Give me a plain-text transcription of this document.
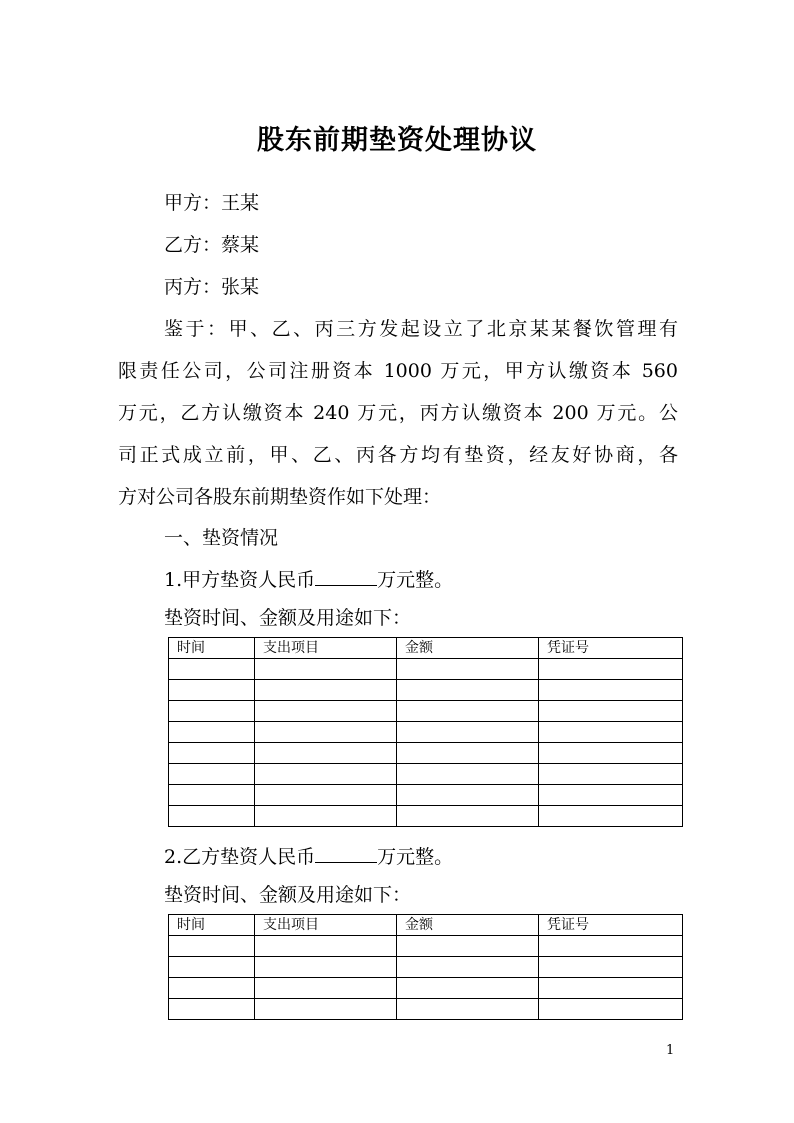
股东前期垫资处理协议
甲方：王某
乙方：蔡某
丙方：张某
鉴于：甲、乙、丙三方发起设立了北京某某餐饮管理有
限责任公司，公司注册资本 1000 万元，甲方认缴资本 560
万元，乙方认缴资本 240 万元，丙方认缴资本 200 万元。公
司正式成立前，甲、乙、丙各方均有垫资，经友好协商，各
方对公司各股东前期垫资作如下处理：
一、垫资情况
1.甲方垫资人民币	万元整。
垫资时间、金额及用途如下：
时间	支出项目	金额	凭证号

2.乙方垫资人民币	万元整。
垫资时间、金额及用途如下：
时间	支出项目	金额	凭证号

1
